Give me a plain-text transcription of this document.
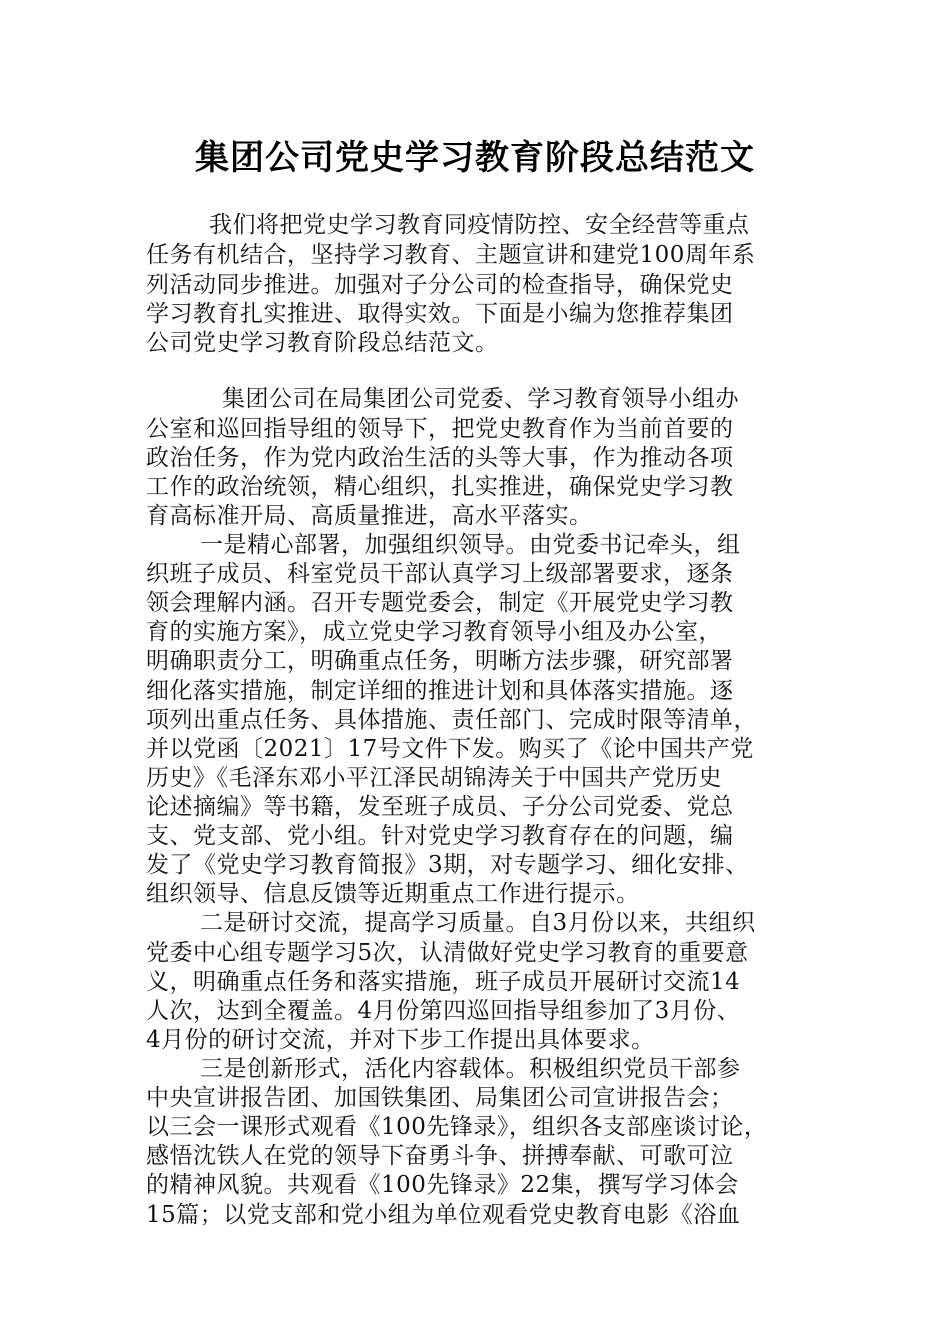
集团公司党史学习教育阶段总结范文
我们将把党史学习教育同疫情防控、安全经营等重点
任务有机结合，坚持学习教育、主题宣讲和建党100周年系
列活动同步推进。加强对子分公司的检查指导，确保党史
学习教育扎实推进、取得实效。下面是小编为您推荐集团
公司党史学习教育阶段总结范文。
集团公司在局集团公司党委、学习教育领导小组办
公室和巡回指导组的领导下，把党史教育作为当前首要的
政治任务，作为党内政治生活的头等大事，作为推动各项
工作的政治统领，精心组织，扎实推进，确保党史学习教
育高标准开局、高质量推进，高水平落实。
一是精心部署，加强组织领导。由党委书记牵头，组
织班子成员、科室党员干部认真学习上级部署要求，逐条
领会理解内涵。召开专题党委会，制定《开展党史学习教
育的实施方案》，成立党史学习教育领导小组及办公室，
明确职责分工，明确重点任务，明晰方法步骤，研究部署
细化落实措施，制定详细的推进计划和具体落实措施。逐
项列出重点任务、具体措施、责任部门、完成时限等清单，
并以党函〔2021〕17号文件下发。购买了《论中国共产党
历史》《毛泽东邓小平江泽民胡锦涛关于中国共产党历史
论述摘编》等书籍，发至班子成员、子分公司党委、党总
支、党支部、党小组。针对党史学习教育存在的问题，编
发了《党史学习教育简报》3期，对专题学习、细化安排、
组织领导、信息反馈等近期重点工作进行提示。
二是研讨交流，提高学习质量。自3月份以来，共组织
党委中心组专题学习5次，认清做好党史学习教育的重要意
义，明确重点任务和落实措施，班子成员开展研讨交流14
人次，达到全覆盖。4月份第四巡回指导组参加了3月份、
4月份的研讨交流，并对下步工作提出具体要求。
三是创新形式，活化内容载体。积极组织党员干部参
中央宣讲报告团、加国铁集团、局集团公司宣讲报告会；
以三会一课形式观看《100先锋录》，组织各支部座谈讨论，
感悟沈铁人在党的领导下奋勇斗争、拼搏奉献、可歌可泣
的精神风貌。共观看《100先锋录》22集，撰写学习体会
15篇；以党支部和党小组为单位观看党史教育电影《浴血
